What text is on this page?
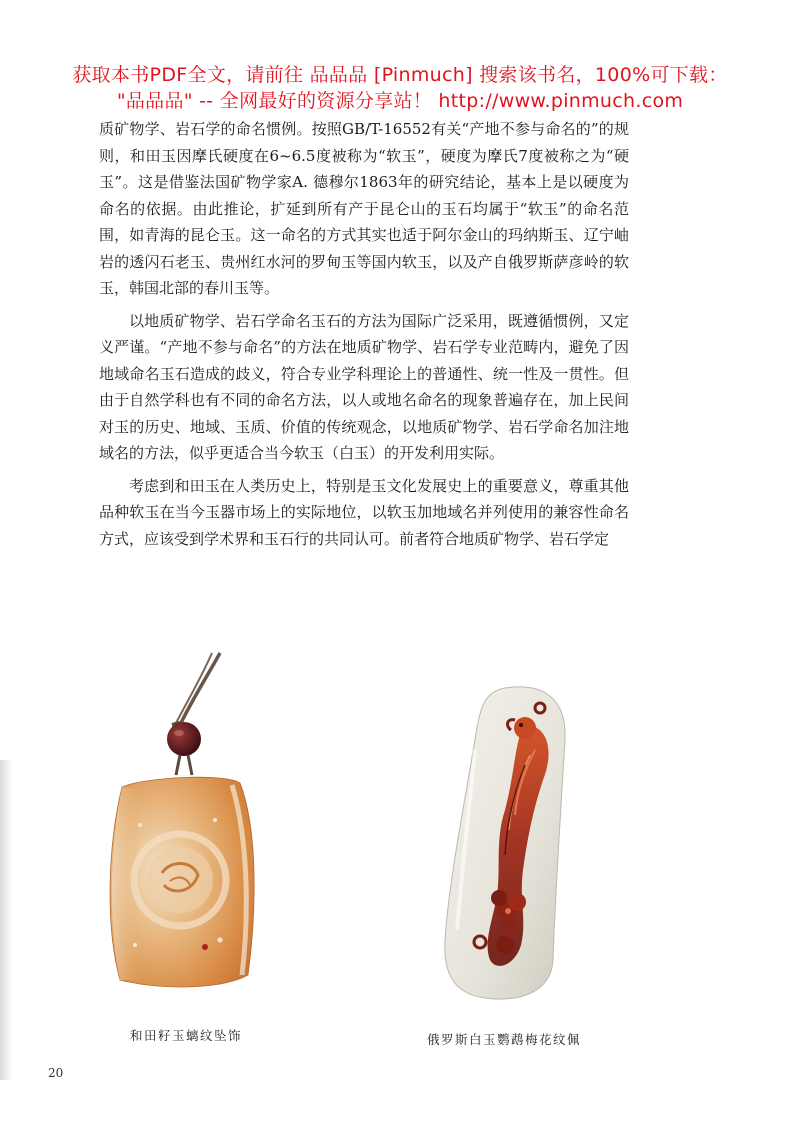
获取本书PDF全文，请前往 品品品 [Pinmuch] 搜索该书名，100%可下载：
"品品品" -- 全网最好的资源分享站！ http://www.pinmuch.com

质矿物学、岩石学的命名惯例。按照GB/T-16552有关“产地不参与命名的”的规则，和田玉因摩氏硬度在6~6.5度被称为“软玉”，硬度为摩氏7度被称之为“硬玉”。这是借鉴法国矿物学家A. 德穆尔1863年的研究结论，基本上是以硬度为命名的依据。由此推论，扩延到所有产于昆仑山的玉石均属于“软玉”的命名范围，如青海的昆仑玉。这一命名的方式其实也适于阿尔金山的玛纳斯玉、辽宁岫岩的透闪石老玉、贵州红水河的罗甸玉等国内软玉，以及产自俄罗斯萨彦岭的软玉，韩国北部的春川玉等。

以地质矿物学、岩石学命名玉石的方法为国际广泛采用，既遵循惯例，又定义严谨。“产地不参与命名”的方法在地质矿物学、岩石学专业范畴内，避免了因地域命名玉石造成的歧义，符合专业学科理论上的普通性、统一性及一贯性。但由于自然学科也有不同的命名方法，以人或地名命名的现象普遍存在，加上民间对玉的历史、地域、玉质、价值的传统观念，以地质矿物学、岩石学命名加注地域名的方法，似乎更适合当今软玉（白玉）的开发利用实际。

考虑到和田玉在人类历史上，特别是玉文化发展史上的重要意义，尊重其他品种软玉在当今玉器市场上的实际地位，以软玉加地域名并列使用的兼容性命名方式，应该受到学术界和玉石行的共同认可。前者符合地质矿物学、岩石学定

和田籽玉螭纹坠饰	俄罗斯白玉鹦鹉梅花纹佩
20
